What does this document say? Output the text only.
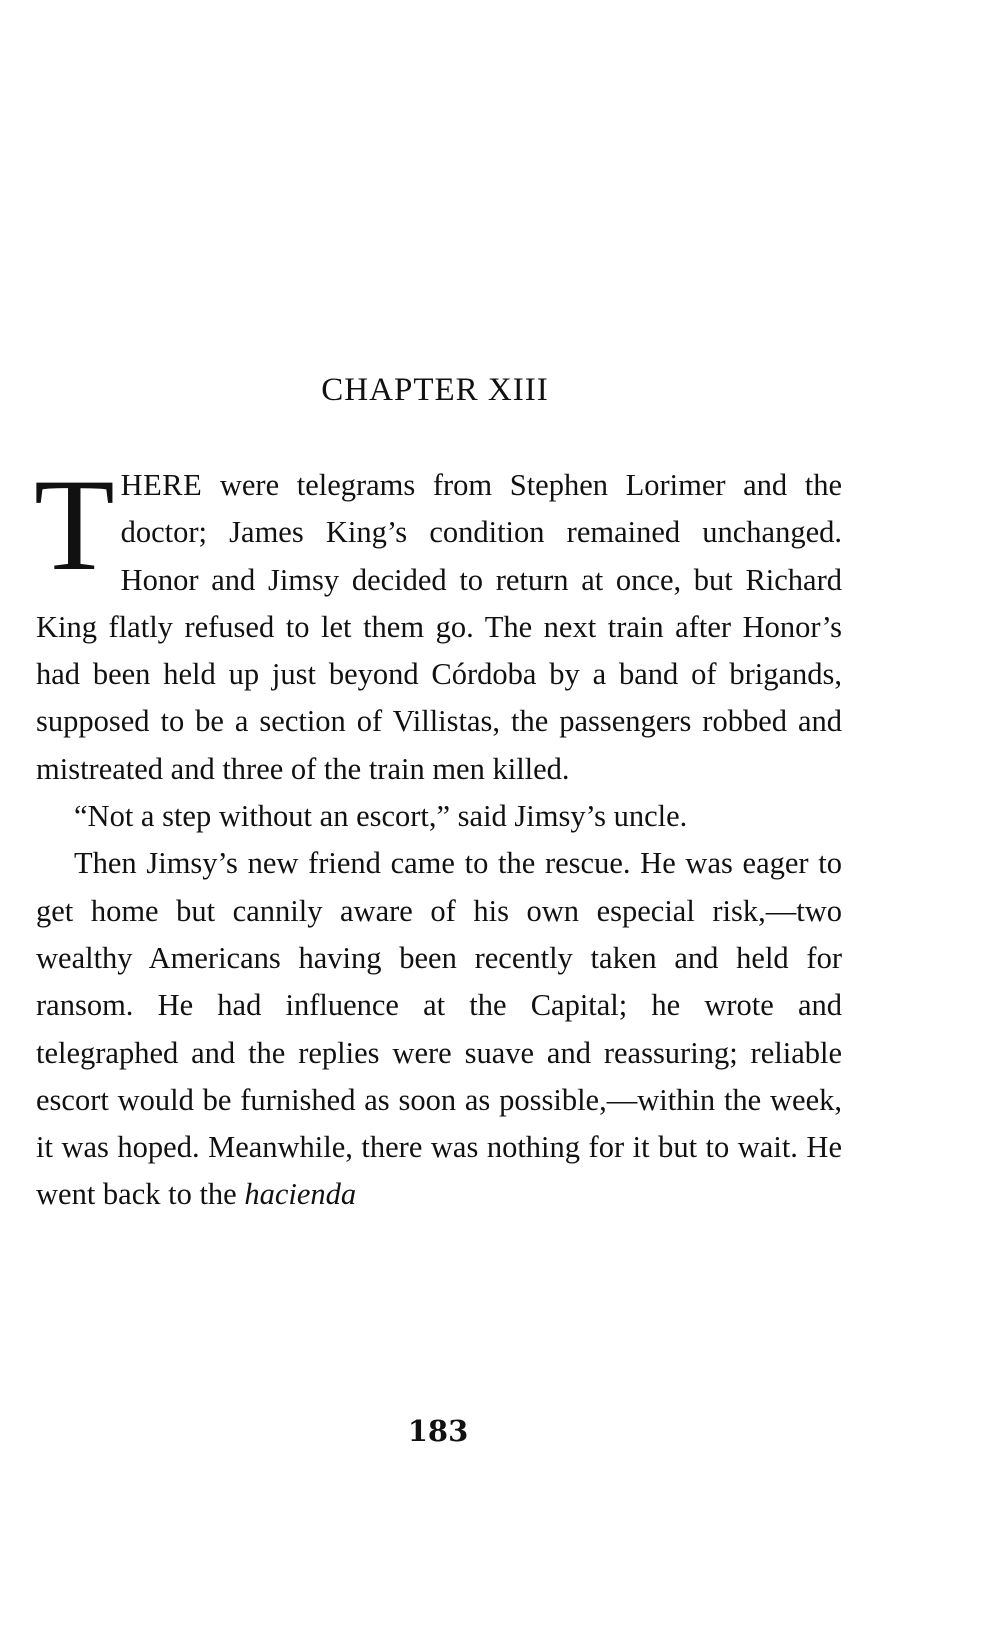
CHAPTER XIII

THERE were telegrams from Stephen Lorimer and the doctor; James King’s condition remained unchanged. Honor and Jimsy decided to return at once, but Richard King flatly refused to let them go. The next train after Honor’s had been held up just beyond Córdoba by a band of brigands, supposed to be a section of Villistas, the passengers robbed and mistreated and three of the train men killed.

“Not a step without an escort,” said Jimsy’s uncle.

Then Jimsy’s new friend came to the rescue. He was eager to get home but cannily aware of his own especial risk,—two wealthy Americans having been recently taken and held for ransom. He had influence at the Capital; he wrote and telegraphed and the replies were suave and reassuring; reliable escort would be furnished as soon as possible,—within the week, it was hoped. Meanwhile, there was nothing for it but to wait. He went back to the hacienda

183
